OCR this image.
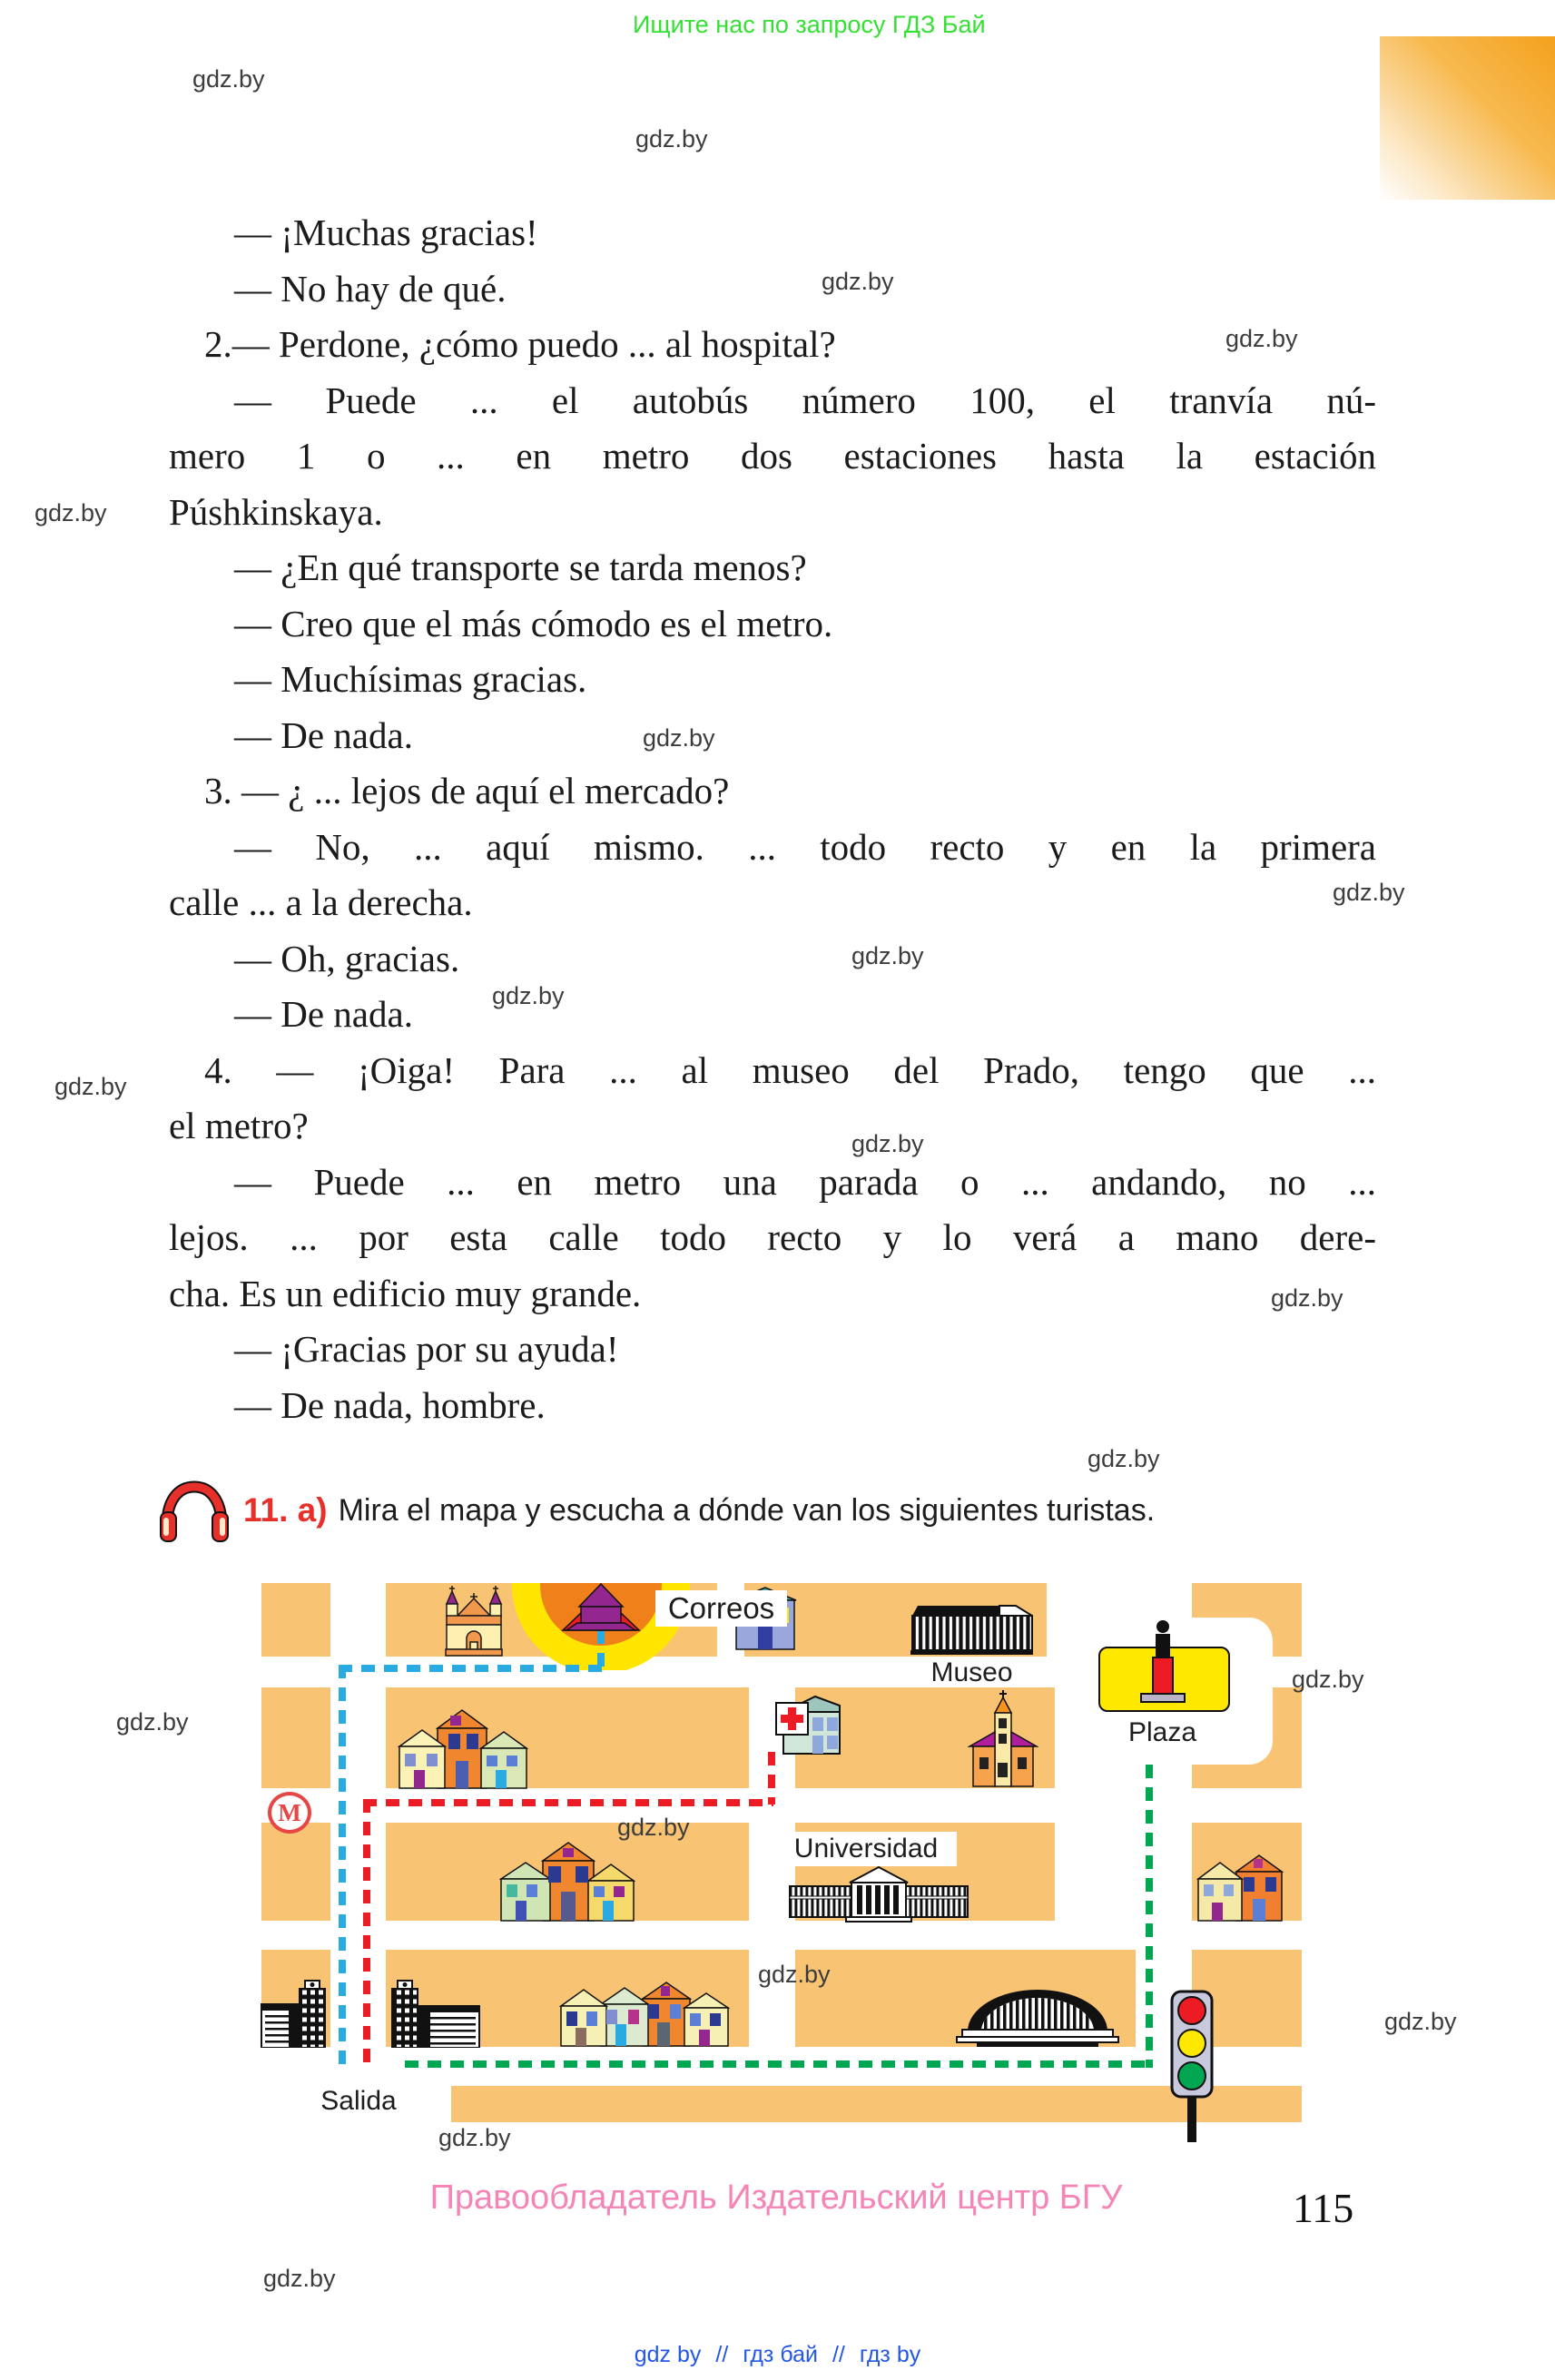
Ищите нас по запросу ГДЗ Бай
gdz.by
gdz.by
gdz.by
gdz.by
gdz.by
gdz.by
gdz.by
gdz.by
gdz.by
gdz.by
gdz.by
gdz.by
gdz.by
gdz.by
gdz.by
gdz.by
gdz.by
gdz.by
gdz.by
gdz.by
— ¡Muchas gracias!
— No hay de qué.
2.— Perdone, ¿cómo puedo ... al hospital?
— Puede ... el autobús número 100, el tranvía nú-
mero 1 o ... en metro dos estaciones hasta la estación
Púshkinskaya.
— ¿En qué transporte se tarda menos?
— Creo que el más cómodo es el metro.
— Muchísimas gracias.
— De nada.
3. — ¿ ... lejos de aquí el mercado?
— No, ... aquí mismo. ... todo recto y en la primera
calle ... a la derecha.
— Oh, gracias.
— De nada.
4. — ¡Oiga! Para ... al museo del Prado, tengo que ...
el metro?
— Puede ... en metro una parada o ... andando, no ...
lejos. ... por esta calle todo recto y lo verá a mano dere-
cha. Es un edificio muy grande.
— ¡Gracias por su ayuda!
— De nada, hombre.
11. a) Mira el mapa y escucha a dónde van los siguientes turistas.
Correos
Museo
Plaza
M
Universidad
Salida
Правообладатель Издательский центр БГУ	115
gdz by // гдз бай // гдз by
